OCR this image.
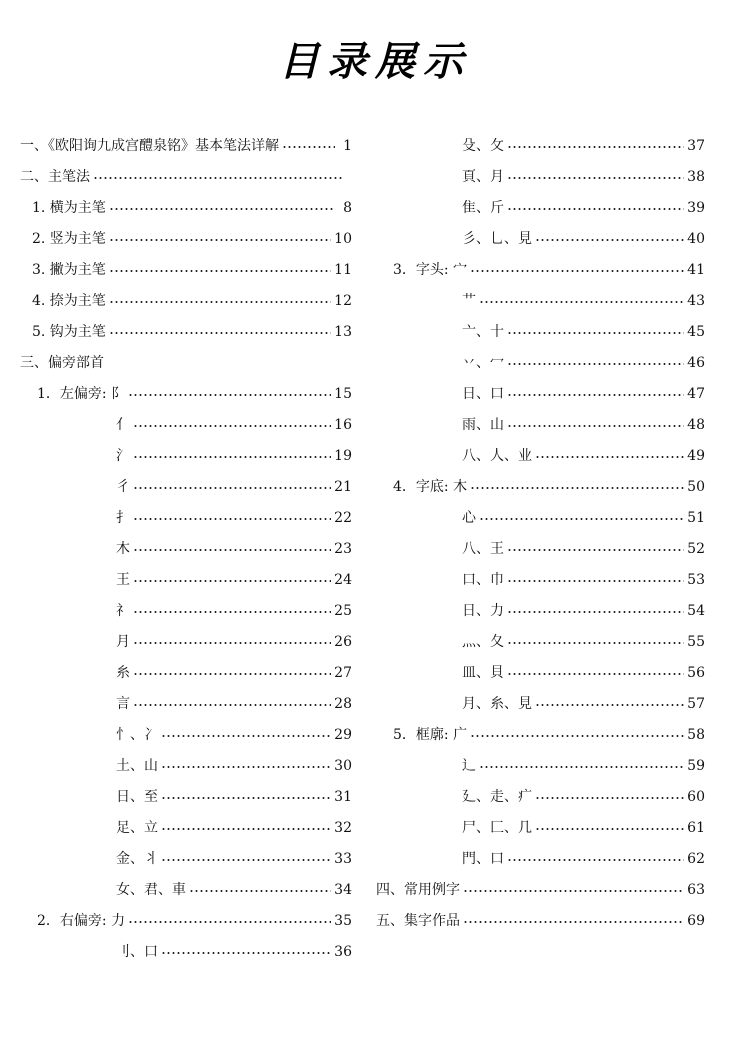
目录展示
一、《欧阳询九成宫醴泉铭》基本笔法详解	1
二、主笔法
1. 横为主笔	8
2. 竖为主笔	10
3. 撇为主笔	11
4. 捺为主笔	12
5. 钩为主笔	13
三、偏旁部首
1．左偏旁: 阝	15
亻	16
氵	19
彳	21
扌	22
木	23
王	24
礻	25
月	26
糸	27
言	28
忄、冫	29
土、山	30
日、至	31
足、立	32
金、丬	33
女、君、車	34
2．右偏旁: 力	35
刂、口	36
殳、攵	37
頁、月	38
隹、斤	39
彡、乚、見	40
3．字头: 宀	41
艹	43
亠、十	45
丷、冖	46
日、口	47
雨、山	48
八、人、业	49
4．字底: 木	50
心	51
八、王	52
口、巾	53
日、力	54
灬、夂	55
皿、貝	56
月、糸、見	57
5．框廓: 广	58
辶	59
廴、走、疒	60
尸、匚、几	61
門、口	62
四、常用例字	63
五、集字作品	69
